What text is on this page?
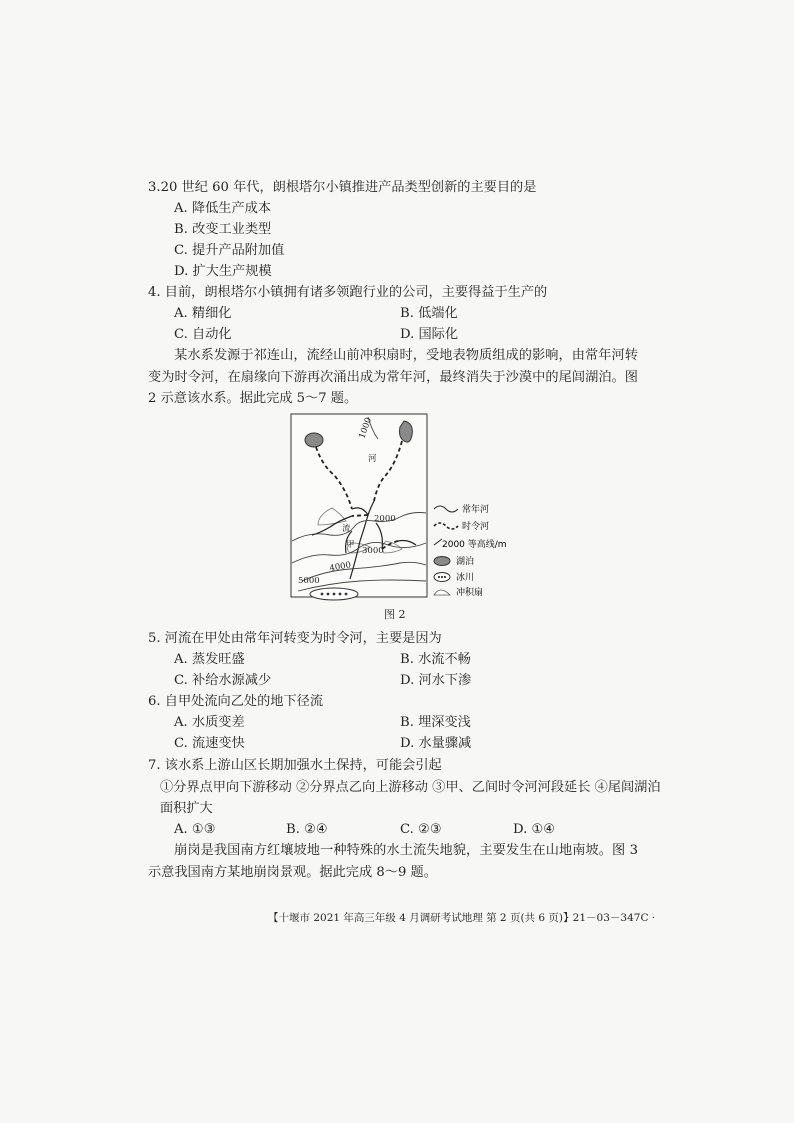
3.20 世纪 60 年代，朗根塔尔小镇推进产品类型创新的主要目的是
A. 降低生产成本
B. 改变工业类型
C. 提升产品附加值
D. 扩大生产规模
4. 目前，朗根塔尔小镇拥有诸多领跑行业的公司，主要得益于生产的
A. 精细化	B. 低端化
C. 自动化	D. 国际化
某水系发源于祁连山，流经山前冲积扇时，受地表物质组成的影响，由常年河转变为时令河，在扇缘向下游再次涌出成为常年河，最终消失于沙漠中的尾闾湖泊。图 2 示意该水系。据此完成 5～7 题。
1000
2000
3000
4000
5000
河
流
甲
常年河
时令河
2000 等高线/m
湖泊
冰川
冲积扇
图 2
5. 河流在甲处由常年河转变为时令河，主要是因为
A. 蒸发旺盛	B. 水流不畅
C. 补给水源减少	D. 河水下渗
6. 自甲处流向乙处的地下径流
A. 水质变差	B. 埋深变浅
C. 流速变快	D. 水量骤减
7. 该水系上游山区长期加强水土保持，可能会引起
①分界点甲向下游移动 ②分界点乙向上游移动 ③甲、乙间时令河河段延长 ④尾闾湖泊
面积扩大
A. ①③	B. ②④	C. ②③	D. ①④
崩岗是我国南方红壤坡地一种特殊的水土流失地貌，主要发生在山地南坡。图 3 示意我国南方某地崩岗景观。据此完成 8～9 题。
【十堰市 2021 年高三年级 4 月调研考试地理 第 2 页(共 6 页)】
· 21－03－347C ·
